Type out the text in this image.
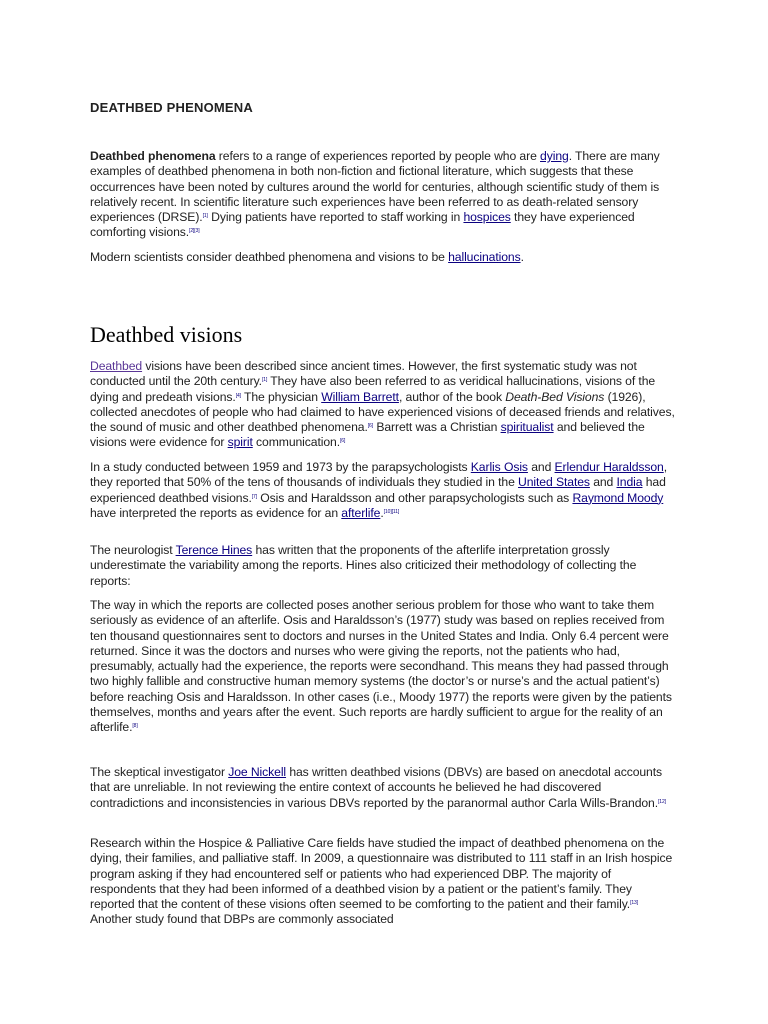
DEATHBED PHENOMENA

Deathbed phenomena refers to a range of experiences reported by people who are dying. There are many examples of deathbed phenomena in both non-fiction and fictional literature, which suggests that these occurrences have been noted by cultures around the world for centuries, although scientific study of them is relatively recent. In scientific literature such experiences have been referred to as death-related sensory experiences (DRSE).[1] Dying patients have reported to staff working in hospices they have experienced comforting visions.[2][3]

Modern scientists consider deathbed phenomena and visions to be hallucinations.

Deathbed visions

Deathbed visions have been described since ancient times. However, the first systematic study was not conducted until the 20th century.[1] They have also been referred to as veridical hallucinations, visions of the dying and predeath visions.[4] The physician William Barrett, author of the book Death-Bed Visions (1926), collected anecdotes of people who had claimed to have experienced visions of deceased friends and relatives, the sound of music and other deathbed phenomena.[6] Barrett was a Christian spiritualist and believed the visions were evidence for spirit communication.[6]

In a study conducted between 1959 and 1973 by the parapsychologists Karlis Osis and Erlendur Haraldsson, they reported that 50% of the tens of thousands of individuals they studied in the United States and India had experienced deathbed visions.[7] Osis and Haraldsson and other parapsychologists such as Raymond Moody have interpreted the reports as evidence for an afterlife.[10][11]

The neurologist Terence Hines has written that the proponents of the afterlife interpretation grossly underestimate the variability among the reports. Hines also criticized their methodology of collecting the reports:

The way in which the reports are collected poses another serious problem for those who want to take them seriously as evidence of an afterlife. Osis and Haraldsson’s (1977) study was based on replies received from ten thousand questionnaires sent to doctors and nurses in the United States and India. Only 6.4 percent were returned. Since it was the doctors and nurses who were giving the reports, not the patients who had, presumably, actually had the experience, the reports were secondhand. This means they had passed through two highly fallible and constructive human memory systems (the doctor’s or nurse’s and the actual patient’s) before reaching Osis and Haraldsson. In other cases (i.e., Moody 1977) the reports were given by the patients themselves, months and years after the event. Such reports are hardly sufficient to argue for the reality of an afterlife.[8]

The skeptical investigator Joe Nickell has written deathbed visions (DBVs) are based on anecdotal accounts that are unreliable. In not reviewing the entire context of accounts he believed he had discovered contradictions and inconsistencies in various DBVs reported by the paranormal author Carla Wills-Brandon.[12]

Research within the Hospice & Palliative Care fields have studied the impact of deathbed phenomena on the dying, their families, and palliative staff. In 2009, a questionnaire was distributed to 111 staff in an Irish hospice program asking if they had encountered self or patients who had experienced DBP. The majority of respondents that they had been informed of a deathbed vision by a patient or the patient’s family. They reported that the content of these visions often seemed to be comforting to the patient and their family.[13] Another study found that DBPs are commonly associated
